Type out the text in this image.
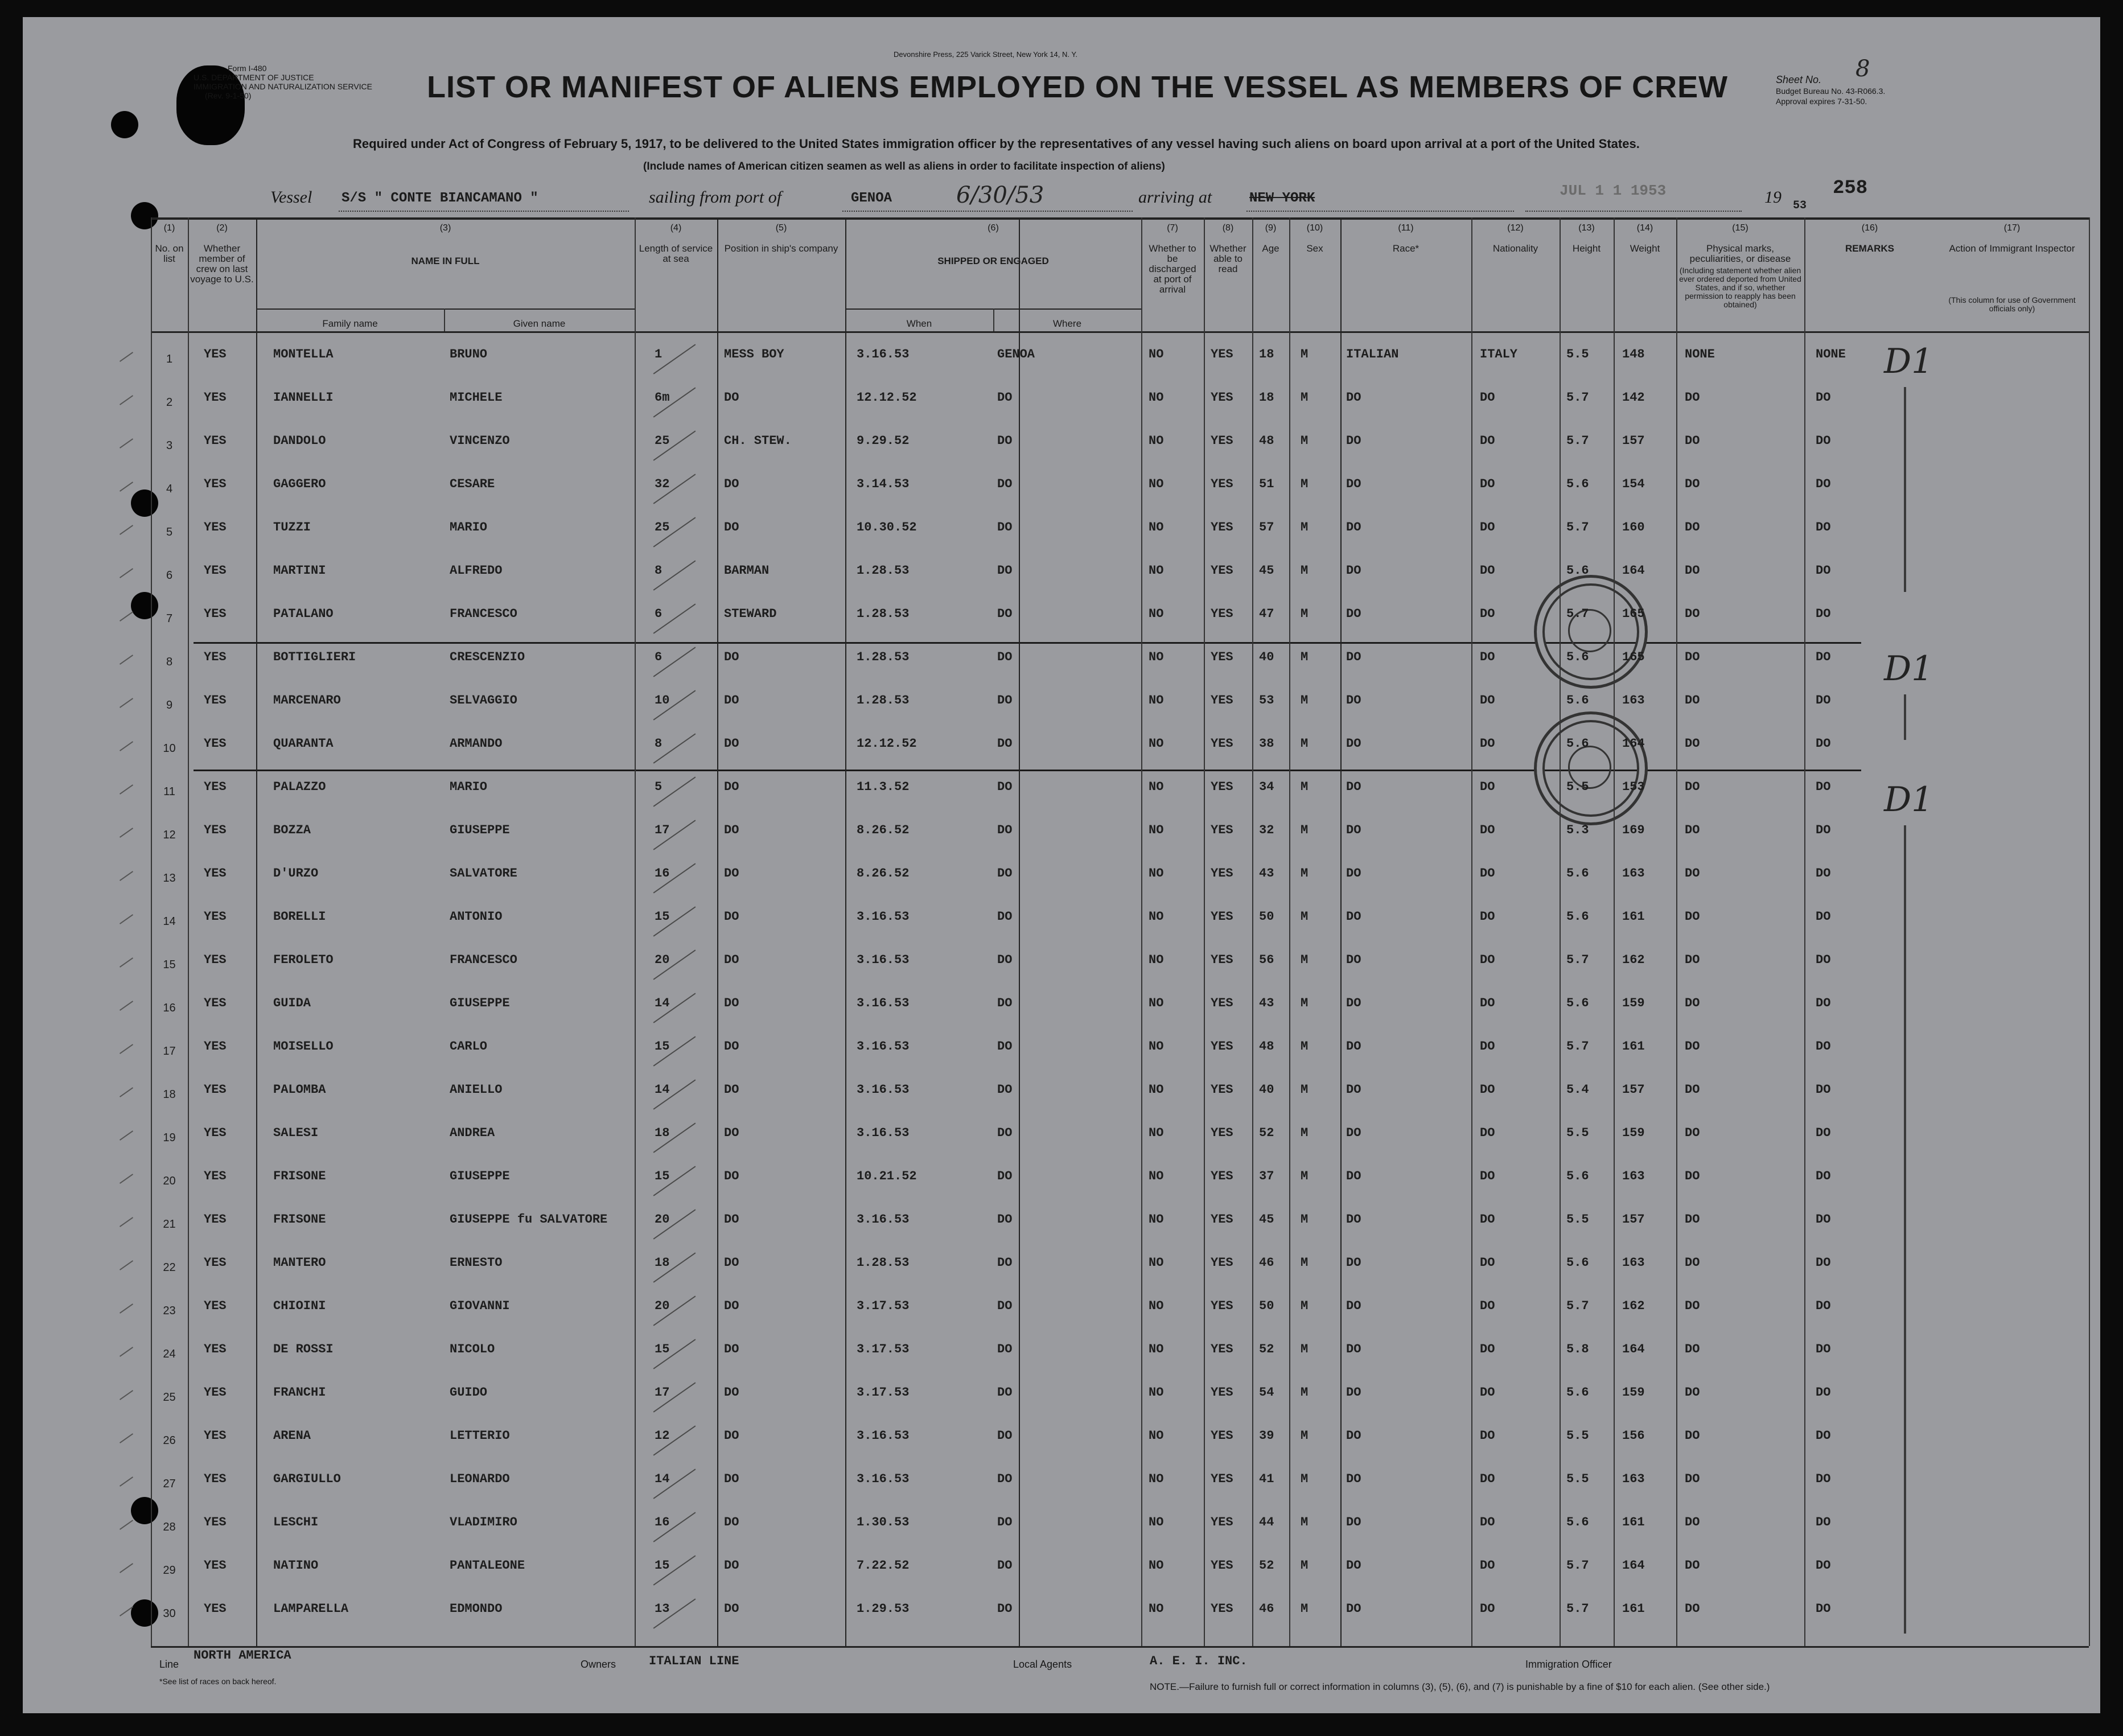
Form I-480
U.S. DEPARTMENT OF JUSTICE
IMMIGRATION AND NATURALIZATION SERVICE
(Rev. 9-1-50)
Devonshire Press, 225 Varick Street, New York 14, N. Y.
LIST OR MANIFEST OF ALIENS EMPLOYED ON THE VESSEL AS MEMBERS OF CREW
Required under Act of Congress of February 5, 1917, to be delivered to the United States immigration officer by the representatives of any vessel having such aliens on board upon arrival at a port of the United States.
(Include names of American citizen seamen as well as aliens in order to facilitate inspection of aliens)
Sheet No. 8
Budget Bureau No. 43-R066.3.
Approval expires 7-31-50.
Vessel S/S " CONTE BIANCAMANO "	sailing from port of	GENOA	6/30/53	arriving at	NEW YORK	JUL 1 1 1953	19 53
258
D1
D1
D1
Line
NORTH AMERICA
Owners	ITALIAN LINE	Local Agents	A. E. I. INC.	Immigration Officer
*See list of races on back hereof.	NOTE.—Failure to furnish full or correct information in columns (3), (5), (6), and (7) is punishable by a fine of $10 for each alien. (See other side.)
(1)
No. on list
(2)
Whether member of crew on last voyage to U.S.
(3)
NAME IN FULL
(4)
Length of service at sea
(5)
Position in ship's company
(6)
SHIPPED OR ENGAGED
(7)
Whether to be discharged at port of arrival
(8)
Whether able to read
(9)
Age
(10)
Sex
(11)
Race*
(12)
Nationality
(13)
Height
(14)
Weight
(15)
Physical marks, peculiarities, or disease
(16)
REMARKS
(17)
Action of Immigrant Inspector
(Including statement whether alien ever ordered deported from United States, and if so, whether permission to reapply has been obtained)	(This column for use of Government officials only)
Family name	Given name	When	Where
1	YES	MONTELLA	BRUNO	1	MESS BOY	3.16.53	GENOA	NO	YES 18 M	ITALIAN	ITALY	5.5	148	NONE	NONE
2	YES	IANNELLI	MICHELE	6m	DO	12.12.52	DO	NO	YES 18 M	DO	DO	5.7	142	DO	DO
3	YES	DANDOLO	VINCENZO	25	CH. STEW.	9.29.52	DO	NO	YES 48 M	DO	DO	5.7	157	DO	DO
4	YES	GAGGERO	CESARE	32	DO	3.14.53	DO	NO	YES 51 M	DO	DO	5.6	154	DO	DO
5	YES	TUZZI	MARIO	25	DO	10.30.52	DO	NO	YES 57 M	DO	DO	5.7	160	DO	DO
6	YES	MARTINI	ALFREDO	8	BARMAN	1.28.53	DO	NO	YES 45 M	DO	DO	5.6	164	DO	DO
7	YES	PATALANO	FRANCESCO	6	STEWARD	1.28.53	DO	NO	YES 47 M	DO	DO	5.7	165	DO	DO
8	YES	BOTTIGLIERI	CRESCENZIO	6	DO	1.28.53	DO	NO	YES 40 M	DO	DO	5.6	165	DO	DO
9	YES	MARCENARO	SELVAGGIO	10	DO	1.28.53	DO	NO	YES 53 M	DO	DO	5.6	163	DO	DO
10	YES	QUARANTA	ARMANDO	8	DO	12.12.52	DO	NO	YES 38 M	DO	DO	5.6	164	DO	DO
11	YES	PALAZZO	MARIO	5	DO	11.3.52	DO	NO	YES 34 M	DO	DO	5.5	153	DO	DO
12	YES	BOZZA	GIUSEPPE	17	DO	8.26.52	DO	NO	YES 32 M	DO	DO	5.3	169	DO	DO
13	YES	D'URZO	SALVATORE	16	DO	8.26.52	DO	NO	YES 43 M	DO	DO	5.6	163	DO	DO
14	YES	BORELLI	ANTONIO	15	DO	3.16.53	DO	NO	YES 50 M	DO	DO	5.6	161	DO	DO
15	YES	FEROLETO	FRANCESCO	20	DO	3.16.53	DO	NO	YES 56 M	DO	DO	5.7	162	DO	DO
16	YES	GUIDA	GIUSEPPE	14	DO	3.16.53	DO	NO	YES 43 M	DO	DO	5.6	159	DO	DO
17	YES	MOISELLO	CARLO	15	DO	3.16.53	DO	NO	YES 48 M	DO	DO	5.7	161	DO	DO
18	YES	PALOMBA	ANIELLO	14	DO	3.16.53	DO	NO	YES 40 M	DO	DO	5.4	157	DO	DO
19	YES	SALESI	ANDREA	18	DO	3.16.53	DO	NO	YES 52 M	DO	DO	5.5	159	DO	DO
20	YES	FRISONE	GIUSEPPE	15	DO	10.21.52	DO	NO	YES 37 M	DO	DO	5.6	163	DO	DO
21	YES	FRISONE	GIUSEPPE fu SALVATORE	20	DO	3.16.53	DO	NO	YES 45 M	DO	DO	5.5	157	DO	DO
22	YES	MANTERO	ERNESTO	18	DO	1.28.53	DO	NO	YES 46 M	DO	DO	5.6	163	DO	DO
23	YES	CHIOINI	GIOVANNI	20	DO	3.17.53	DO	NO	YES 50 M	DO	DO	5.7	162	DO	DO
24	YES	DE ROSSI	NICOLO	15	DO	3.17.53	DO	NO	YES 52 M	DO	DO	5.8	164	DO	DO
25	YES	FRANCHI	GUIDO	17	DO	3.17.53	DO	NO	YES 54 M	DO	DO	5.6	159	DO	DO
26	YES	ARENA	LETTERIO	12	DO	3.16.53	DO	NO	YES 39 M	DO	DO	5.5	156	DO	DO
27	YES	GARGIULLO	LEONARDO	14	DO	3.16.53	DO	NO	YES 41 M	DO	DO	5.5	163	DO	DO
28	YES	LESCHI	VLADIMIRO	16	DO	1.30.53	DO	NO	YES 44 M	DO	DO	5.6	161	DO	DO
29	YES	NATINO	PANTALEONE	15	DO	7.22.52	DO	NO	YES 52 M	DO	DO	5.7	164	DO	DO
30	YES	LAMPARELLA	EDMONDO	13	DO	1.29.53	DO	NO	YES 46 M	DO	DO	5.7	161	DO	DO
